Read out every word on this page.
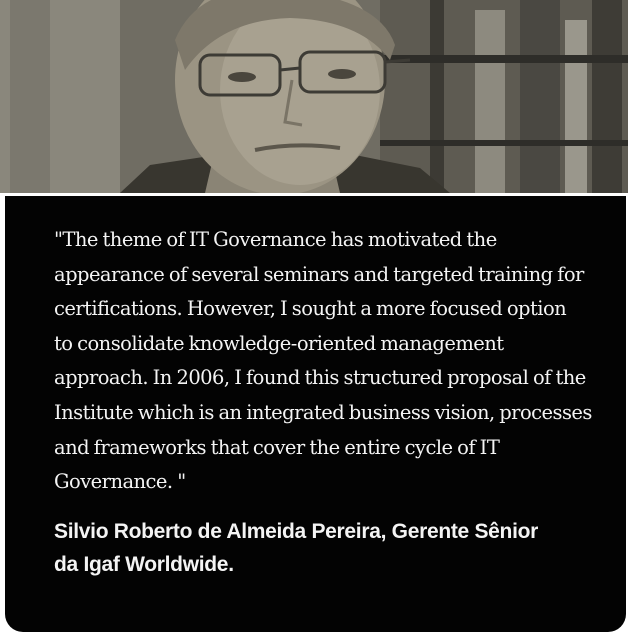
"The theme of IT Governance has motivated the
appearance of several seminars and targeted training for
certifications. However, I sought a more focused option
to consolidate knowledge-oriented management
approach. In 2006, I found this structured proposal of the
Institute which is an integrated business vision, processes
and frameworks that cover the entire cycle of IT
Governance. "

Silvio Roberto de Almeida Pereira, Gerente Sênior
da Igaf Worldwide.
